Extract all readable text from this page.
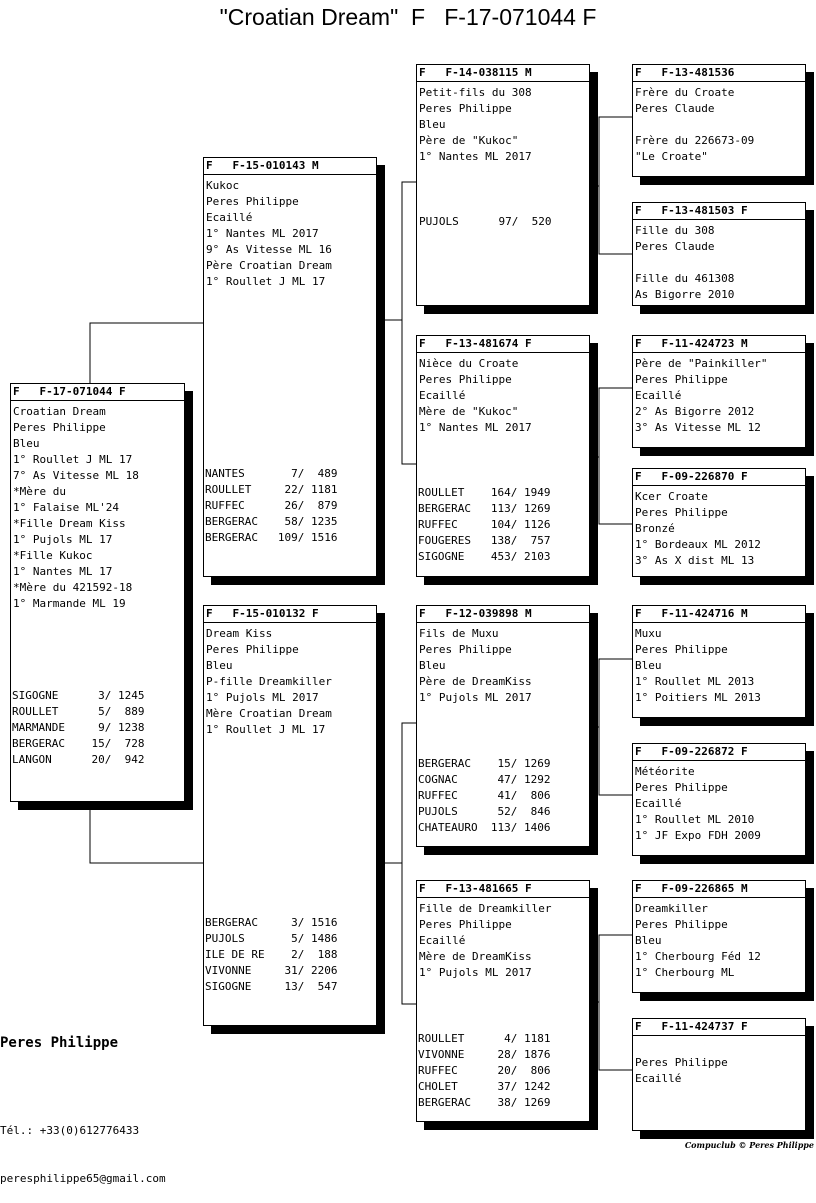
"Croatian Dream"  F   F-17-071044 F
F   F-17-071044 F
Croatian Dream
Peres Philippe
Bleu
1° Roullet J ML 17
7° As Vitesse ML 18
*Mère du
1° Falaise ML'24
*Fille Dream Kiss
1° Pujols ML 17
*Fille Kukoc
1° Nantes ML 17
*Mère du 421592-18
1° Marmande ML 19
SIGOGNE      3/ 1245
ROULLET      5/  889
MARMANDE     9/ 1238
BERGERAC    15/  728
LANGON      20/  942
F   F-15-010143 M
Kukoc
Peres Philippe
Ecaillé
1° Nantes ML 2017
9° As Vitesse ML 16
Père Croatian Dream
1° Roullet J ML 17
NANTES       7/  489
ROULLET     22/ 1181
RUFFEC      26/  879
BERGERAC    58/ 1235
BERGERAC   109/ 1516
F   F-15-010132 F
Dream Kiss
Peres Philippe
Bleu
P-fille Dreamkiller
1° Pujols ML 2017
Mère Croatian Dream
1° Roullet J ML 17
BERGERAC     3/ 1516
PUJOLS       5/ 1486
ILE DE RE    2/  188
VIVONNE     31/ 2206
SIGOGNE     13/  547
F   F-14-038115 M
Petit-fils du 308
Peres Philippe
Bleu
Père de "Kukoc"
1° Nantes ML 2017
PUJOLS      97/  520
F   F-13-481674 F
Nièce du Croate
Peres Philippe
Ecaillé
Mère de "Kukoc"
1° Nantes ML 2017
ROULLET    164/ 1949
BERGERAC   113/ 1269
RUFFEC     104/ 1126
FOUGERES   138/  757
SIGOGNE    453/ 2103
F   F-12-039898 M
Fils de Muxu
Peres Philippe
Bleu
Père de DreamKiss
1° Pujols ML 2017
BERGERAC    15/ 1269
COGNAC      47/ 1292
RUFFEC      41/  806
PUJOLS      52/  846
CHATEAURO  113/ 1406
F   F-13-481665 F
Fille de Dreamkiller
Peres Philippe
Ecaillé
Mère de DreamKiss
1° Pujols ML 2017
ROULLET      4/ 1181
VIVONNE     28/ 1876
RUFFEC      20/  806
CHOLET      37/ 1242
BERGERAC    38/ 1269
F   F-13-481536
Frère du Croate
Peres Claude
Frère du 226673-09
"Le Croate"
F   F-13-481503 F
Fille du 308
Peres Claude
Fille du 461308
As Bigorre 2010
F   F-11-424723 M
Père de "Painkiller"
Peres Philippe
Ecaillé
2° As Bigorre 2012
3° As Vitesse ML 12
F   F-09-226870 F
Kcer Croate
Peres Philippe
Bronzé
1° Bordeaux ML 2012
3° As X dist ML 13
F   F-11-424716 M
Muxu
Peres Philippe
Bleu
1° Roullet ML 2013
1° Poitiers ML 2013
F   F-09-226872 F
Météorite
Peres Philippe
Ecaillé
1° Roullet ML 2010
1° JF Expo FDH 2009
F   F-09-226865 M
Dreamkiller
Peres Philippe
Bleu
1° Cherbourg Féd 12
1° Cherbourg ML
F   F-11-424737 F
Peres Philippe
Ecaillé
Peres Philippe

Tél.: +33(0)612776433

peresphilippe65@gmail.com

Compuclub © Peres Philippe
